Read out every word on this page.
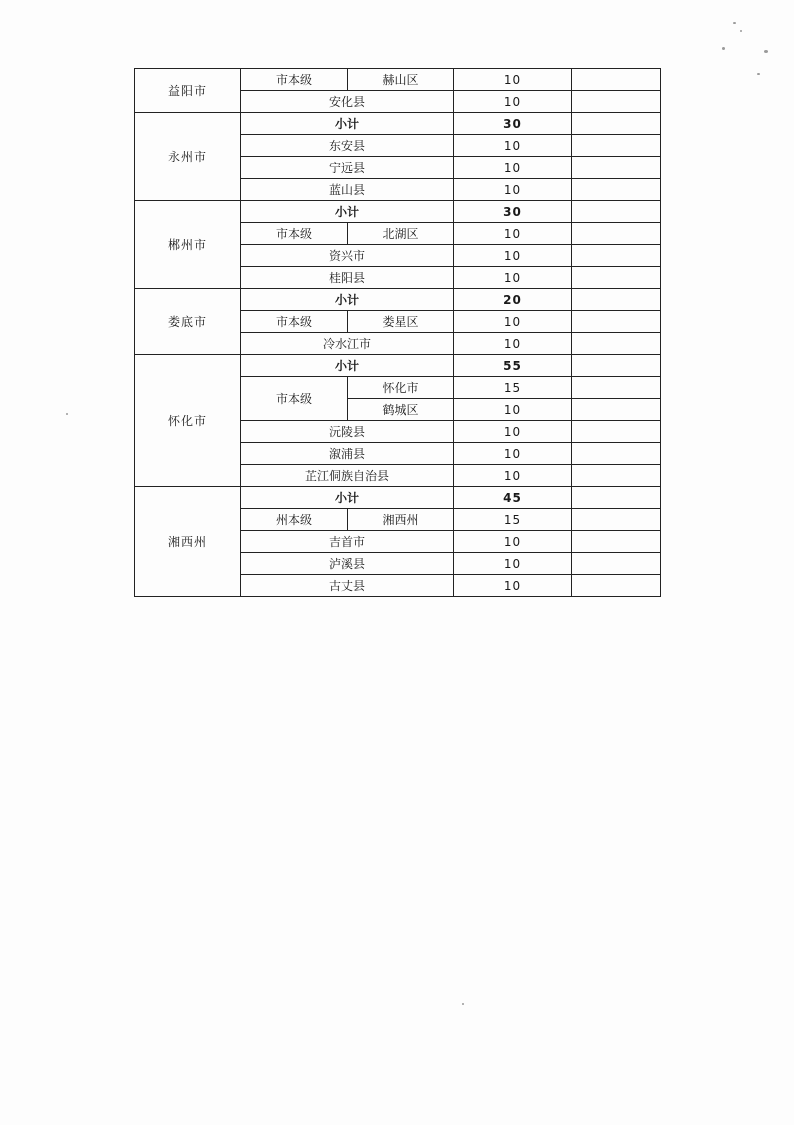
益阳市	市本级	赫山区	10	
	安化县		10	
永州市	小计		30	
	东安县		10	
	宁远县		10	
	蓝山县		10	
郴州市	小计		30	
	市本级	北湖区	10	
	资兴市		10	
	桂阳县		10	
娄底市	小计		20	
	市本级	娄星区	10	
	冷水江市		10	
怀化市	小计		55	
	市本级	怀化市	15	
		鹤城区	10	
	沅陵县		10	
	溆浦县		10	
	芷江侗族自治县		10	
湘西州	小计		45	
	州本级	湘西州	15	
	吉首市		10	
	泸溪县		10	
	古丈县		10	
